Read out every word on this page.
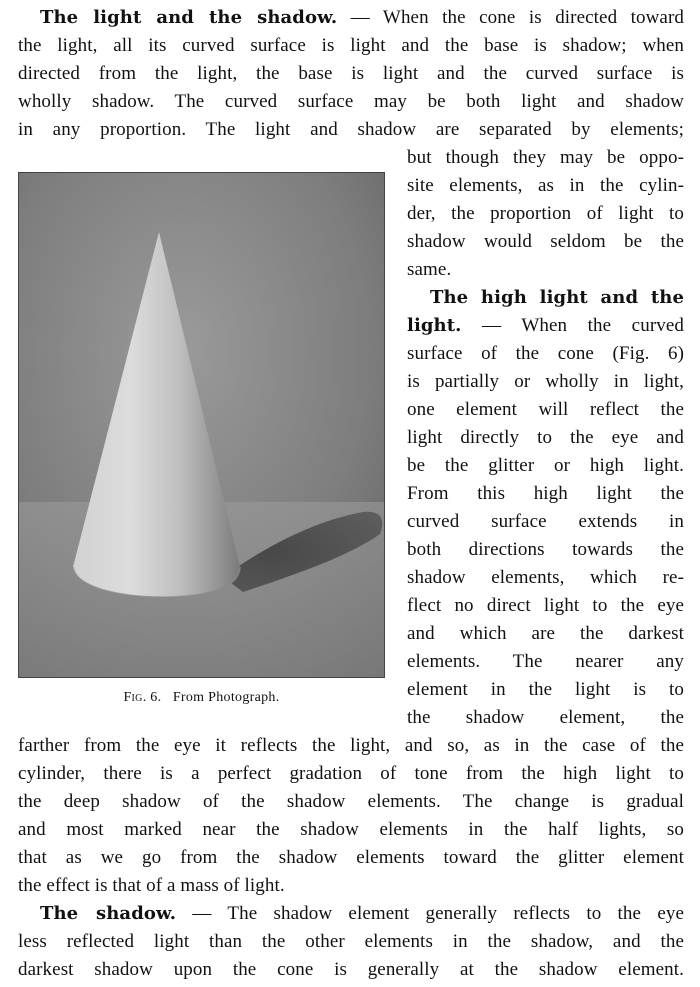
The light and the shadow. — When the cone is directed toward
the light, all its curved surface is light and the base is shadow; when
directed from the light, the base is light and the curved surface is
wholly shadow. The curved surface may be both light and shadow
in any proportion. The light and shadow are separated by elements;
but though they may be oppo-
site elements, as in the cylin-
der, the proportion of light to
shadow would seldom be the
same.
The high light and the
light. — When the curved
surface of the cone (Fig. 6)
is partially or wholly in light,
one element will reflect the
light directly to the eye and
be the glitter or high light.
From this high light the
curved surface extends in
both directions towards the
shadow elements, which re-
flect no direct light to the eye
and which are the darkest
elements. The nearer any
element in the light is to
the shadow element, the
farther from the eye it reflects the light, and so, as in the case of the
cylinder, there is a perfect gradation of tone from the high light to
the deep shadow of the shadow elements. The change is gradual
and most marked near the shadow elements in the half lights, so
that as we go from the shadow elements toward the glitter element
the effect is that of a mass of light.
The shadow. — The shadow element generally reflects to the eye
less reflected light than the other elements in the shadow, and the
darkest shadow upon the cone is generally at the shadow element.
Fig. 6. From Photograph.
